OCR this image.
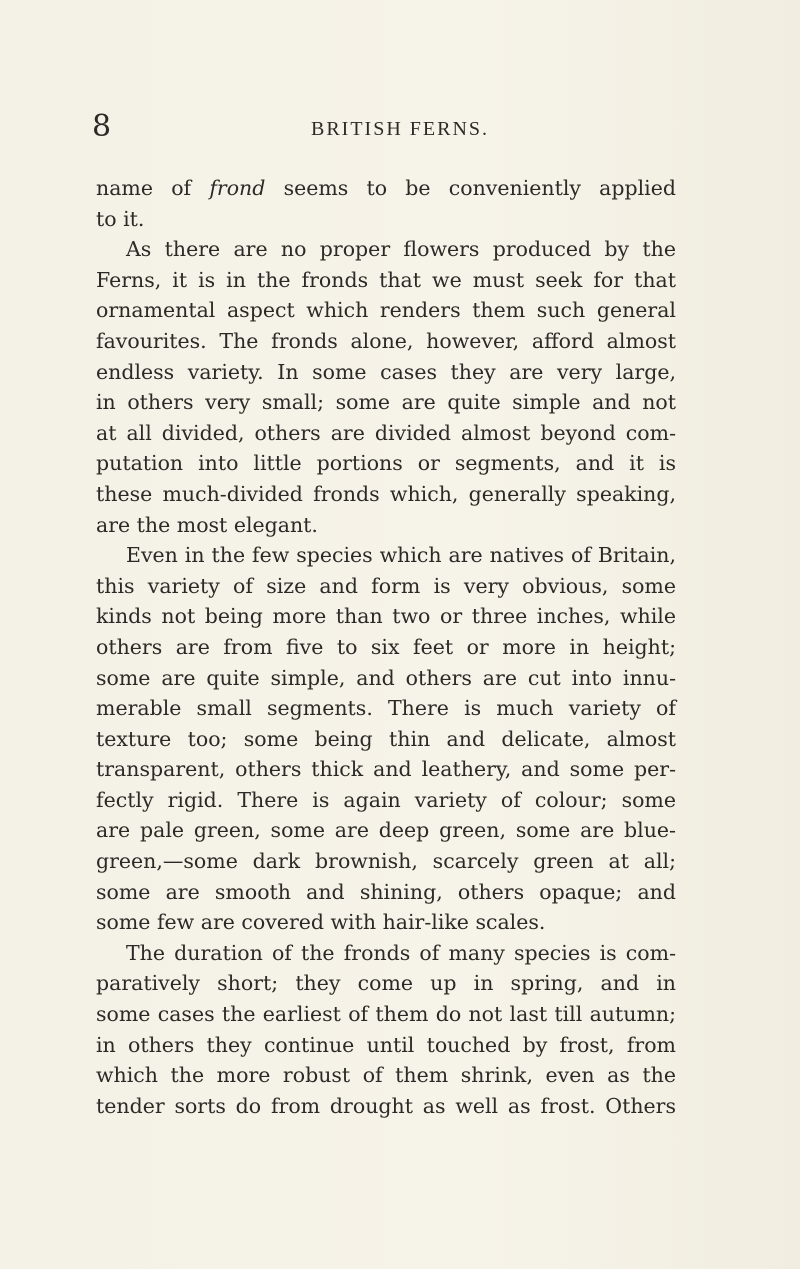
8	BRITISH FERNS.
name of frond seems to be conveniently applied
to it.
As there are no proper flowers produced by the
Ferns, it is in the fronds that we must seek for that
ornamental aspect which renders them such general
favourites. The fronds alone, however, afford almost
endless variety. In some cases they are very large,
in others very small; some are quite simple and not
at all divided, others are divided almost beyond com-
putation into little portions or segments, and it is
these much-divided fronds which, generally speaking,
are the most elegant.
Even in the few species which are natives of Britain,
this variety of size and form is very obvious, some
kinds not being more than two or three inches, while
others are from five to six feet or more in height;
some are quite simple, and others are cut into innu-
merable small segments. There is much variety of
texture too; some being thin and delicate, almost
transparent, others thick and leathery, and some per-
fectly rigid. There is again variety of colour; some
are pale green, some are deep green, some are blue-
green,—some dark brownish, scarcely green at all;
some are smooth and shining, others opaque; and
some few are covered with hair-like scales.
The duration of the fronds of many species is com-
paratively short; they come up in spring, and in
some cases the earliest of them do not last till autumn;
in others they continue until touched by frost, from
which the more robust of them shrink, even as the
tender sorts do from drought as well as frost. Others
